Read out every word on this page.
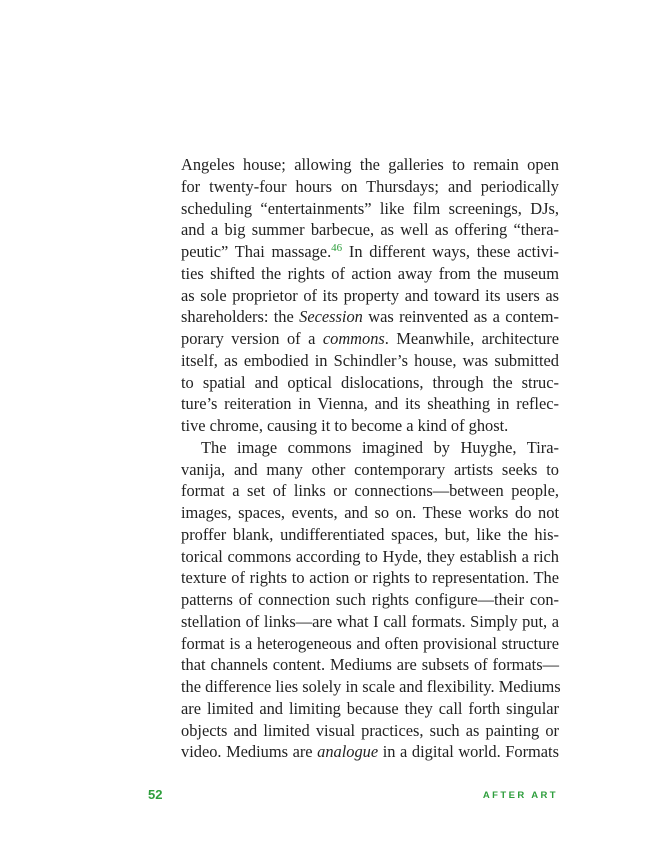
Angeles house; allowing the galleries to remain open
for twenty-four hours on Thursdays; and periodically
scheduling “entertainments” like film screenings, DJs,
and a big summer barbecue, as well as offering “thera-
peutic” Thai massage.$^{46}$ In different ways, these activi-
ties shifted the rights of action away from the museum
as sole proprietor of its property and toward its users as
shareholders: the Secession was reinvented as a contem-
porary version of a commons. Meanwhile, architecture
itself, as embodied in Schindler’s house, was submitted
to spatial and optical dislocations, through the struc-
ture’s reiteration in Vienna, and its sheathing in reflec-
tive chrome, causing it to become a kind of ghost.
The image commons imagined by Huyghe, Tira-
vanija, and many other contemporary artists seeks to
format a set of links or connections—between people,
images, spaces, events, and so on. These works do not
proffer blank, undifferentiated spaces, but, like the his-
torical commons according to Hyde, they establish a rich
texture of rights to action or rights to representation. The
patterns of connection such rights configure—their con-
stellation of links—are what I call formats. Simply put, a
format is a heterogeneous and often provisional structure
that channels content. Mediums are subsets of formats—
the difference lies solely in scale and flexibility. Mediums
are limited and limiting because they call forth singular
objects and limited visual practices, such as painting or
video. Mediums are analogue in a digital world. Formats
52	AFTER ART
